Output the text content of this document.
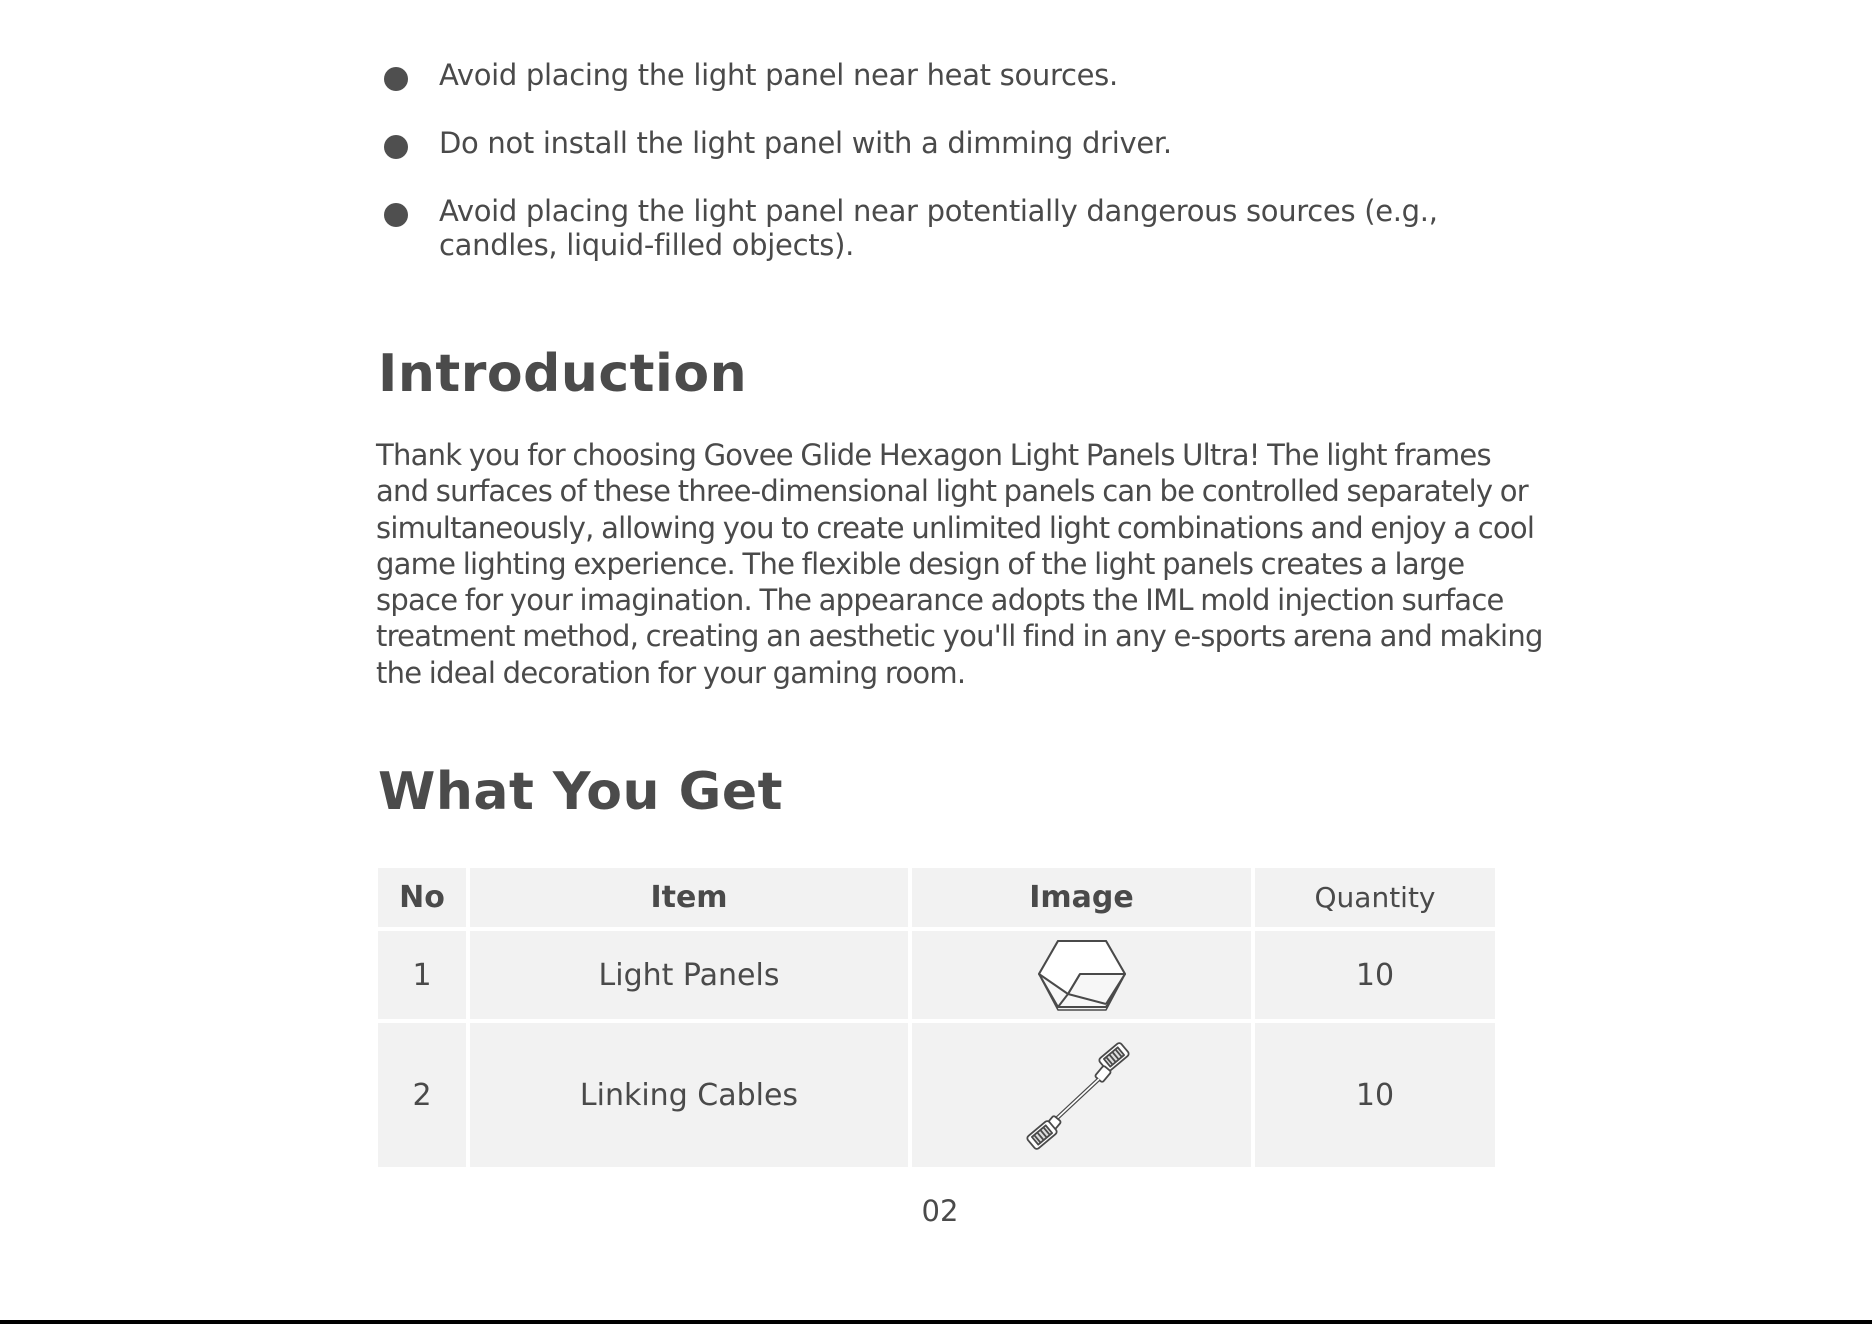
Avoid placing the light panel near heat sources.
Do not install the light panel with a dimming driver.
Avoid placing the light panel near potentially dangerous sources (e.g., candles, liquid-filled objects).
Introduction

Thank you for choosing Govee Glide Hexagon Light Panels Ultra! The light frames and surfaces of these three-dimensional light panels can be controlled separately or simultaneously, allowing you to create unlimited light combinations and enjoy a cool game lighting experience. The flexible design of the light panels creates a large space for your imagination. The appearance adopts the IML mold injection surface treatment method, creating an aesthetic you'll find in any e-sports arena and making the ideal decoration for your gaming room.

What You Get
No	Item	Image	Quantity
1	Light Panels		10
2	Linking Cables		10
02
